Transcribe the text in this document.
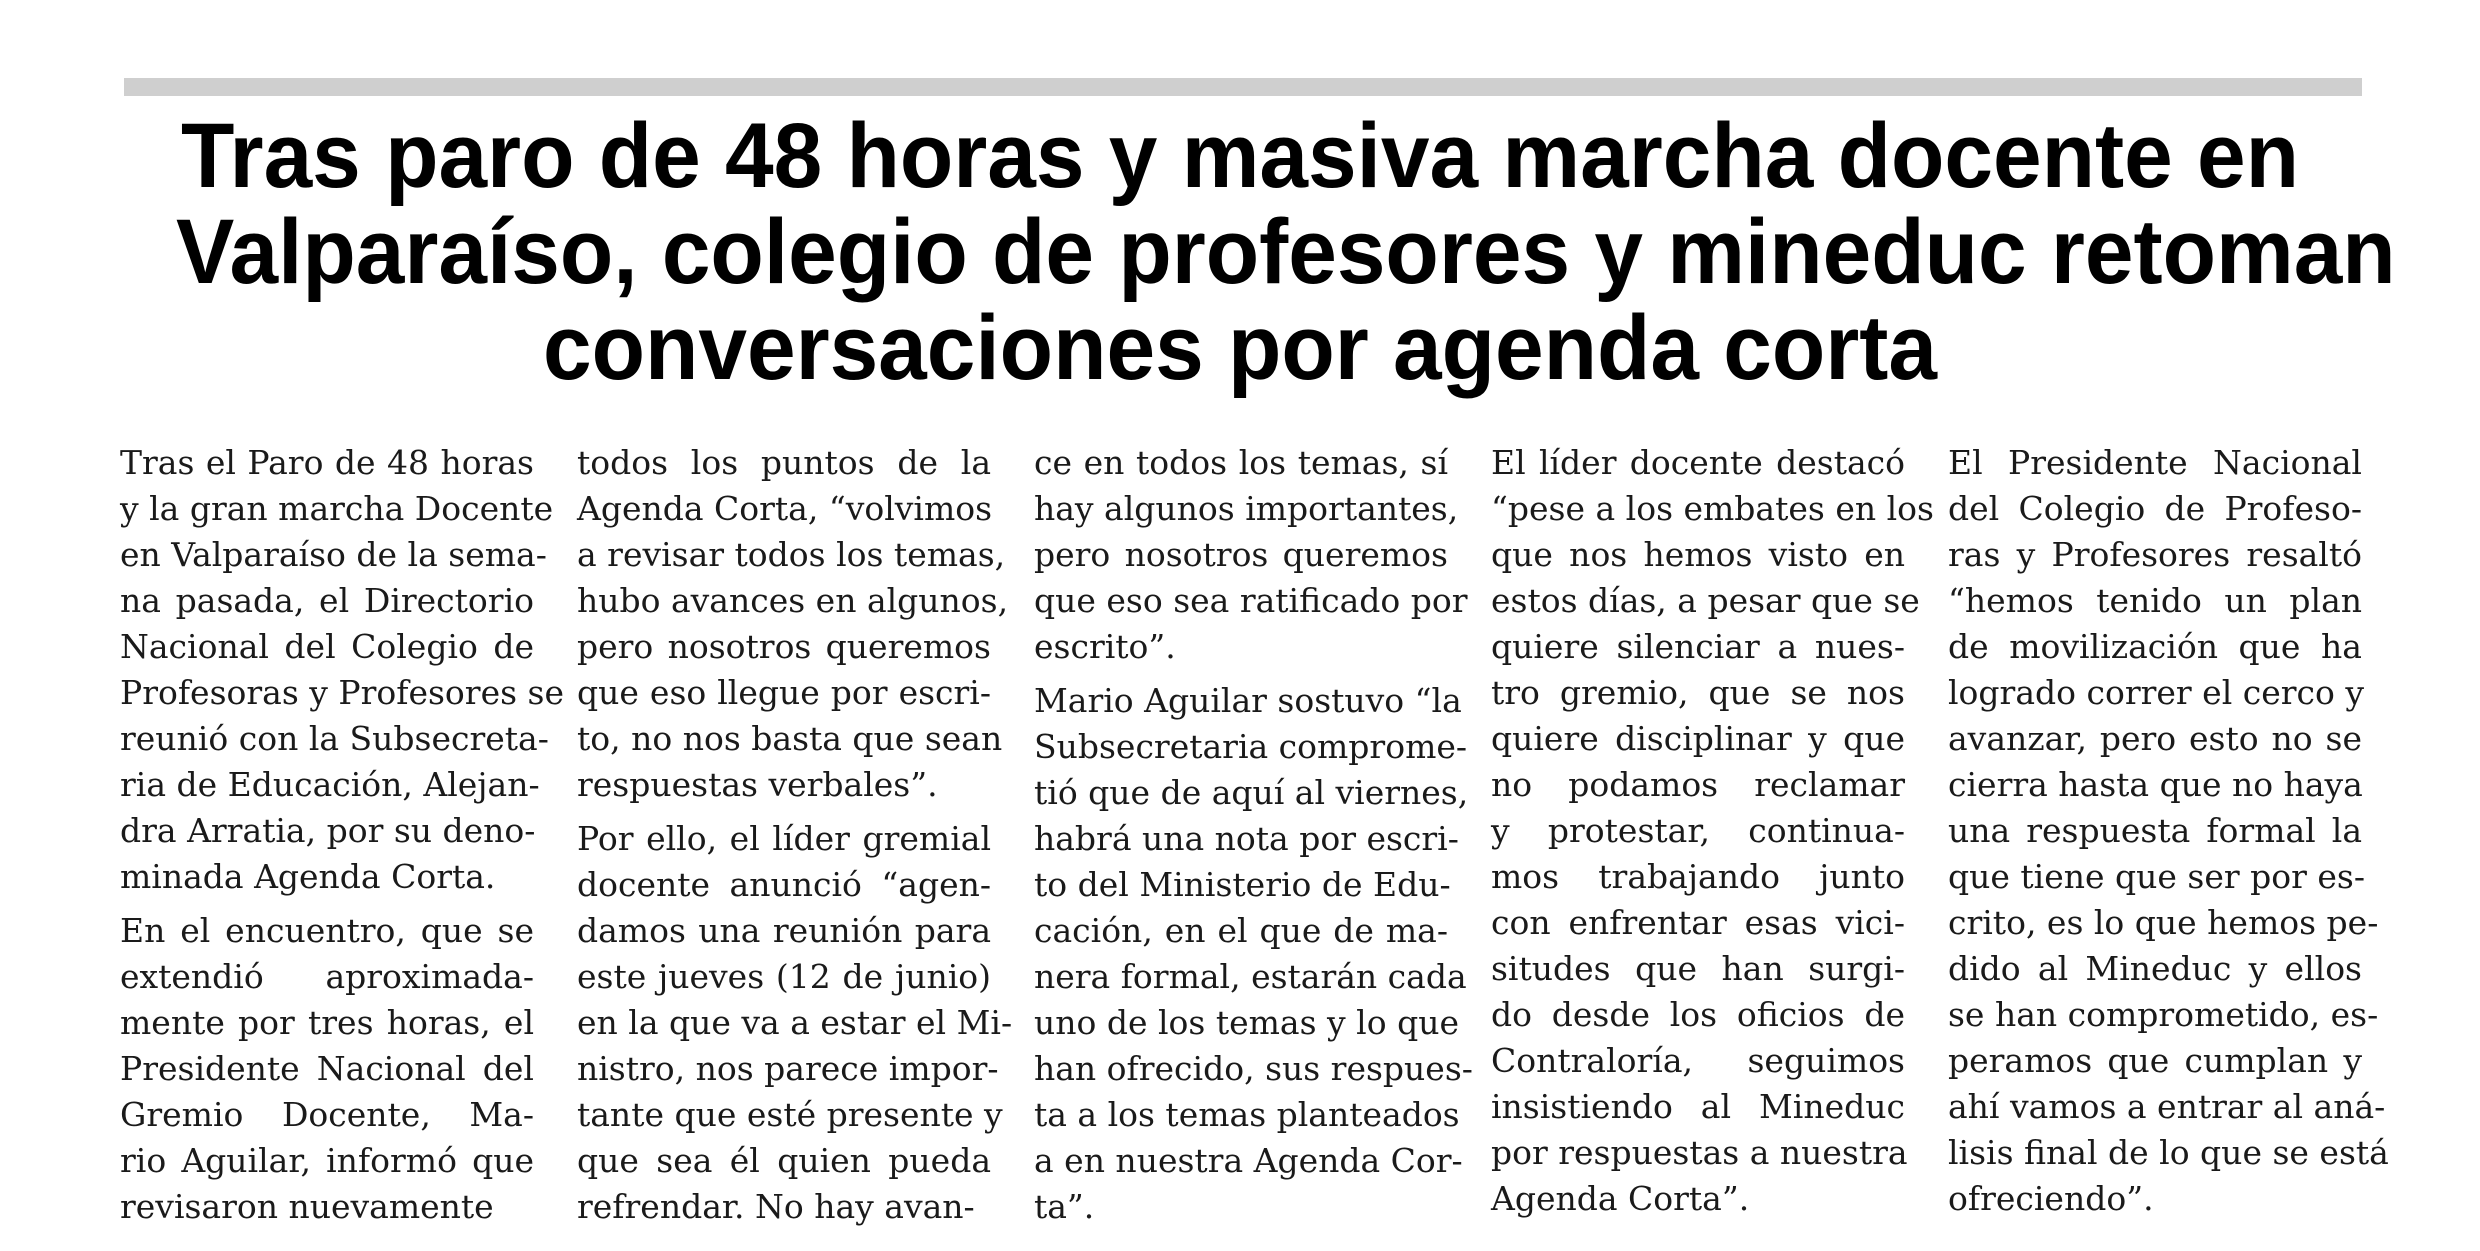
Tras paro de 48 horas y masiva marcha docente en
Valparaíso, colegio de profesores y mineduc retoman
conversaciones por agenda corta

Tras el Paro de 48 horas
y la gran marcha Docente
en Valparaíso de la sema-
na pasada, el Directorio
Nacional del Colegio de
Profesoras y Profesores se
reunió con la Subsecreta-
ria de Educación, Alejan-
dra Arratia, por su deno-
minada Agenda Corta.

En el encuentro, que se
extendió aproximada-
mente por tres horas, el
Presidente Nacional del
Gremio Docente, Ma-
rio Aguilar, informó que
revisaron nuevamente

todos los puntos de la
Agenda Corta, “volvimos
a revisar todos los temas,
hubo avances en algunos,
pero nosotros queremos
que eso llegue por escri-
to, no nos basta que sean
respuestas verbales”.

Por ello, el líder gremial
docente anunció “agen-
damos una reunión para
este jueves (12 de junio)
en la que va a estar el Mi-
nistro, nos parece impor-
tante que esté presente y
que sea él quien pueda
refrendar. No hay avan-

ce en todos los temas, sí
hay algunos importantes,
pero nosotros queremos
que eso sea ratificado por
escrito”.

Mario Aguilar sostuvo “la
Subsecretaria comprome-
tió que de aquí al viernes,
habrá una nota por escri-
to del Ministerio de Edu-
cación, en el que de ma-
nera formal, estarán cada
uno de los temas y lo que
han ofrecido, sus respues-
ta a los temas planteados
a en nuestra Agenda Cor-
ta”.

El líder docente destacó
“pese a los embates en los
que nos hemos visto en
estos días, a pesar que se
quiere silenciar a nues-
tro gremio, que se nos
quiere disciplinar y que
no podamos reclamar
y protestar, continua-
mos trabajando junto
con enfrentar esas vici-
situdes que han surgi-
do desde los oficios de
Contraloría, seguimos
insistiendo al Mineduc
por respuestas a nuestra
Agenda Corta”.

El Presidente Nacional
del Colegio de Profeso-
ras y Profesores resaltó
“hemos tenido un plan
de movilización que ha
logrado correr el cerco y
avanzar, pero esto no se
cierra hasta que no haya
una respuesta formal la
que tiene que ser por es-
crito, es lo que hemos pe-
dido al Mineduc y ellos
se han comprometido, es-
peramos que cumplan y
ahí vamos a entrar al aná-
lisis final de lo que se está
ofreciendo”.
